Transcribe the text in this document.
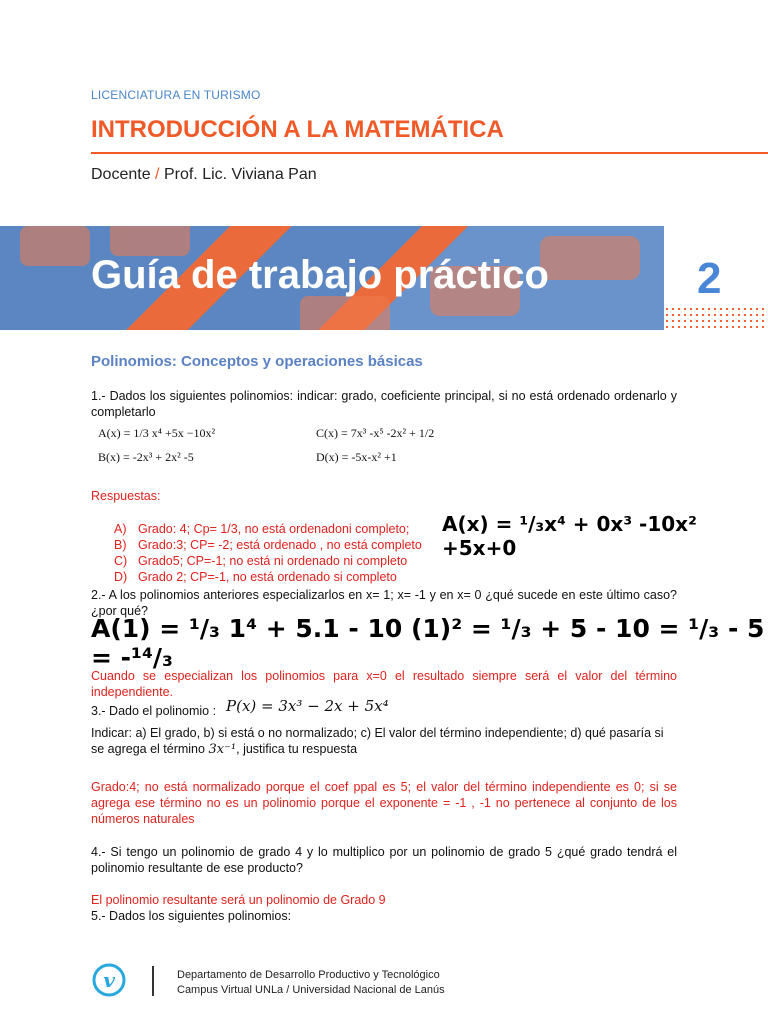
LICENCIATURA EN TURISMO
INTRODUCCIÓN A LA MATEMÁTICA
Docente / Prof. Lic. Viviana Pan
Guía de trabajo práctico	2
Polinomios: Conceptos y operaciones básicas
1.- Dados los siguientes polinomios: indicar: grado, coeficiente principal, si no está ordenado ordenarlo y completarlo
A(x) = 1/3 x⁴ +5x −10x²	C(x) = 7x³ -x⁵ -2x² + 1/2
B(x) = -2x³ + 2x² -5	D(x) = -5x-x² +1
Respuestas:
A) Grado: 4; Cp= 1/3, no está ordenadoni completo;
B) Grado:3; CP= -2; está ordenado , no está completo
C) Grado5; CP=-1; no está ni ordenado ni completo
D) Grado 2; CP=-1, no está ordenado si completo
A(x) = ¹/₃x⁴ + 0x³ -10x² +5x+0
2.- A los polinomios anteriores especializarlos en x= 1; x= -1 y en x= 0 ¿qué sucede en este último caso? ¿por qué?
A(1) = ¹/₃ 1⁴ + 5.1 - 10 (1)² = ¹/₃ + 5 - 10 = ¹/₃ - 5 = -¹⁴/₃
Cuando se especializan los polinomios para x=0 el resultado siempre será el valor del término independiente.
3.- Dado el polinomio : P(x) = 3x³ − 2x + 5x⁴
Indicar: a) El grado, b) si está o no normalizado; c) El valor del término independiente; d) qué pasaría si se agrega el término 3x⁻¹, justifica tu respuesta
Grado:4; no está normalizado porque el coef ppal es 5; el valor del término independiente es 0; si se agrega ese término no es un polinomio porque el exponente = -1 , -1 no pertenece al conjunto de los números naturales
4.- Si tengo un polinomio de grado 4 y lo multiplico por un polinomio de grado 5 ¿qué grado tendrá el polinomio resultante de ese producto?
El polinomio resultante será un polinomio de Grado 9
5.- Dados los siguientes polinomios:
v	Departamento de Desarrollo Productivo y Tecnológico
Campus Virtual UNLa / Universidad Nacional de Lanús
